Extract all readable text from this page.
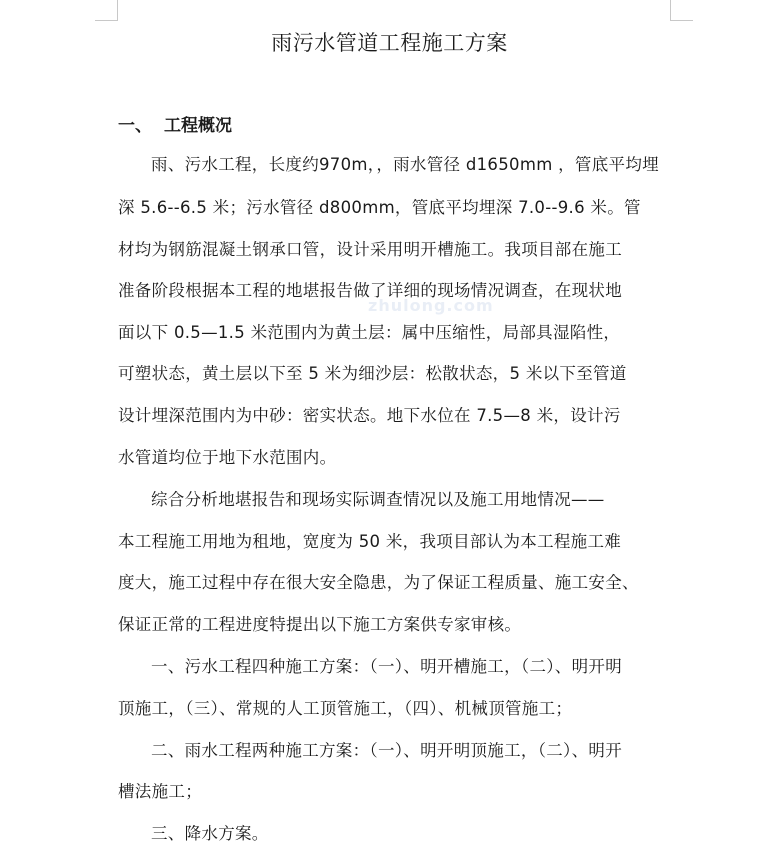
zhulong.com
雨污水管道工程施工方案
一、 工程概况
雨、污水工程，长度约970m，，雨水管径 d1650mm ，管底平均埋
深 5.6--6.5 米；污水管径 d800mm，管底平均埋深 7.0--9.6 米。管
材均为钢筋混凝土钢承口管，设计采用明开槽施工。我项目部在施工
准备阶段根据本工程的地堪报告做了详细的现场情况调查，在现状地
面以下 0.5—1.5 米范围内为黄土层：属中压缩性，局部具湿陷性，
可塑状态，黄土层以下至 5 米为细沙层：松散状态，5 米以下至管道
设计埋深范围内为中砂：密实状态。地下水位在 7.5—8 米，设计污
水管道均位于地下水范围内。
综合分析地堪报告和现场实际调查情况以及施工用地情况——
本工程施工用地为租地，宽度为 50 米，我项目部认为本工程施工难
度大，施工过程中存在很大安全隐患，为了保证工程质量、施工安全、
保证正常的工程进度特提出以下施工方案供专家审核。
一、污水工程四种施工方案：（一）、明开槽施工，（二）、明开明
顶施工，（三）、常规的人工顶管施工，（四）、机械顶管施工；
二、雨水工程两种施工方案：（一）、明开明顶施工，（二）、明开
槽法施工；
三、降水方案。
